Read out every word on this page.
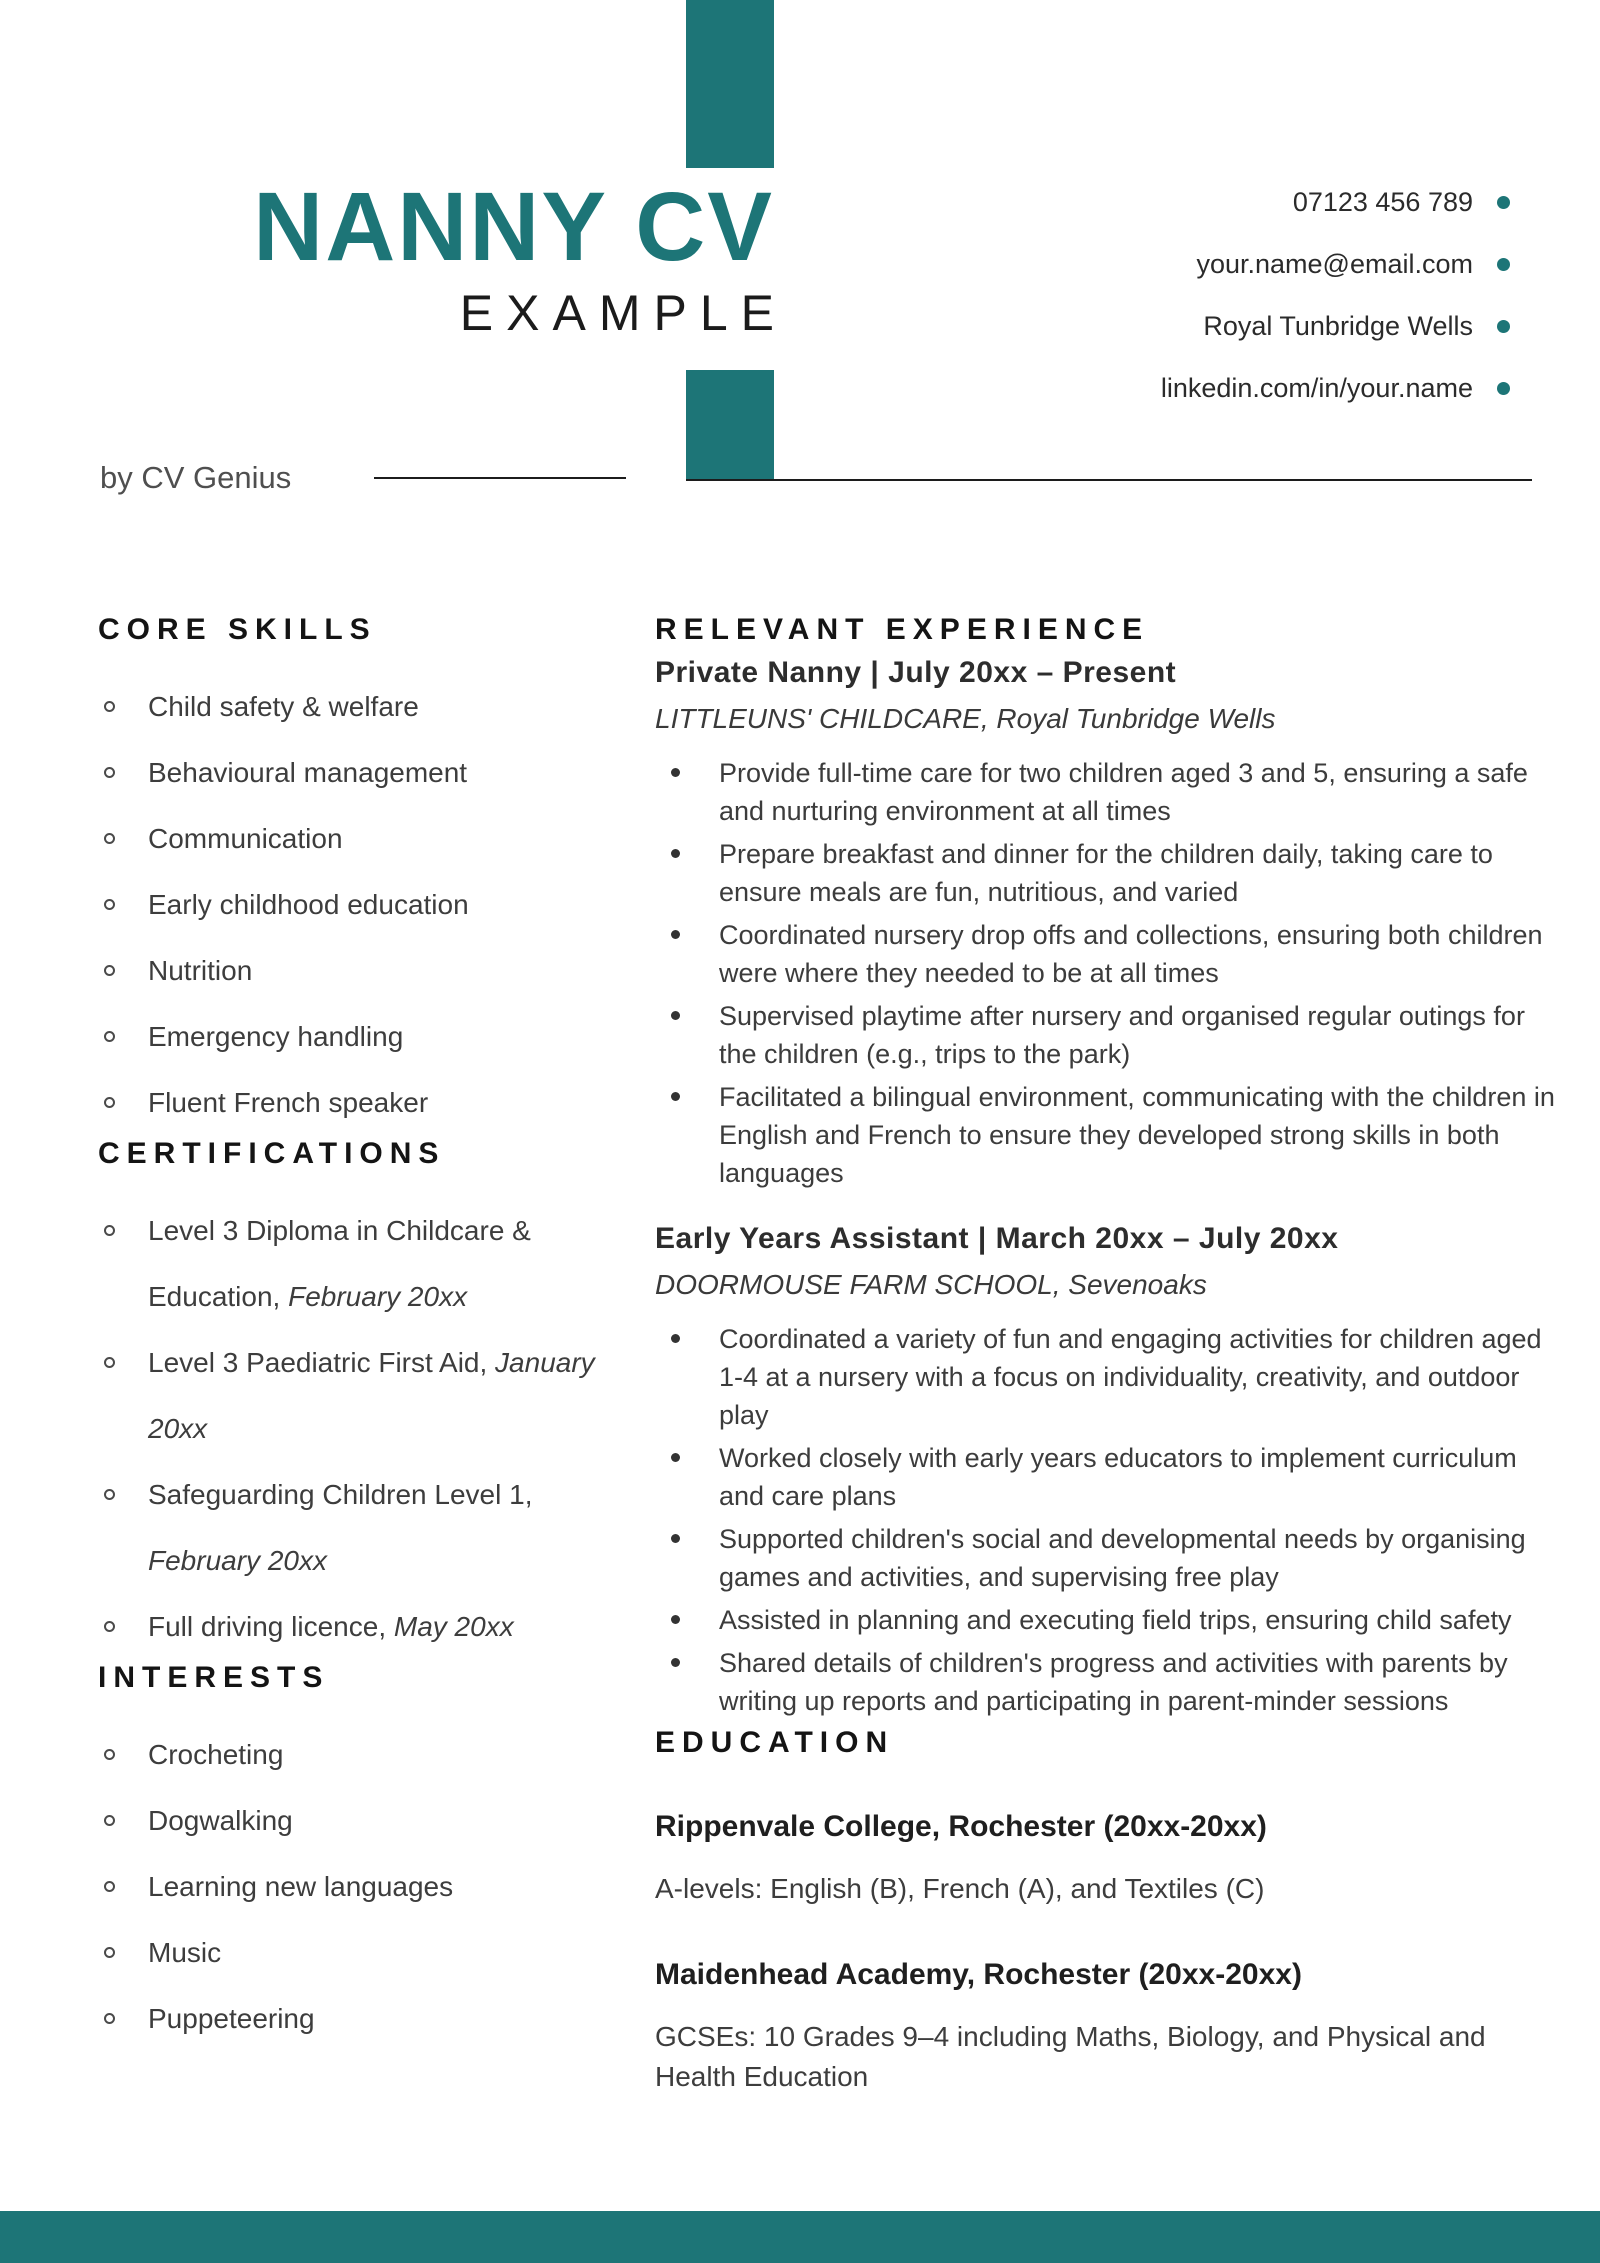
NANNY CV
EXAMPLE
07123 456 789
your.name@email.com
Royal Tunbridge Wells
linkedin.com/in/your.name
by CV Genius
CORE SKILLS
Child safety & welfare
Behavioural management
Communication
Early childhood education
Nutrition
Emergency handling
Fluent French speaker
CERTIFICATIONS
Level 3 Diploma in Childcare & Education, February 20xx
Level 3 Paediatric First Aid, January 20xx
Safeguarding Children Level 1, February 20xx
Full driving licence, May 20xx
INTERESTS
Crocheting
Dogwalking
Learning new languages
Music
Puppeteering
RELEVANT EXPERIENCE
Private Nanny | July 20xx – Present
LITTLEUNS' CHILDCARE, Royal Tunbridge Wells
Provide full-time care for two children aged 3 and 5, ensuring a safe and nurturing environment at all times
Prepare breakfast and dinner for the children daily, taking care to ensure meals are fun, nutritious, and varied
Coordinated nursery drop offs and collections, ensuring both children were where they needed to be at all times
Supervised playtime after nursery and organised regular outings for the children (e.g., trips to the park)
Facilitated a bilingual environment, communicating with the children in English and French to ensure they developed strong skills in both languages
Early Years Assistant | March 20xx – July 20xx
DOORMOUSE FARM SCHOOL, Sevenoaks
Coordinated a variety of fun and engaging activities for children aged 1-4 at a nursery with a focus on individuality, creativity, and outdoor play
Worked closely with early years educators to implement curriculum and care plans
Supported children's social and developmental needs by organising games and activities, and supervising free play
Assisted in planning and executing field trips, ensuring child safety
Shared details of children's progress and activities with parents by writing up reports and participating in parent-minder sessions
EDUCATION
Rippenvale College, Rochester (20xx-20xx)
A-levels: English (B), French (A), and Textiles (C)
Maidenhead Academy, Rochester (20xx-20xx)
GCSEs: 10 Grades 9–4 including Maths, Biology, and Physical and Health Education
